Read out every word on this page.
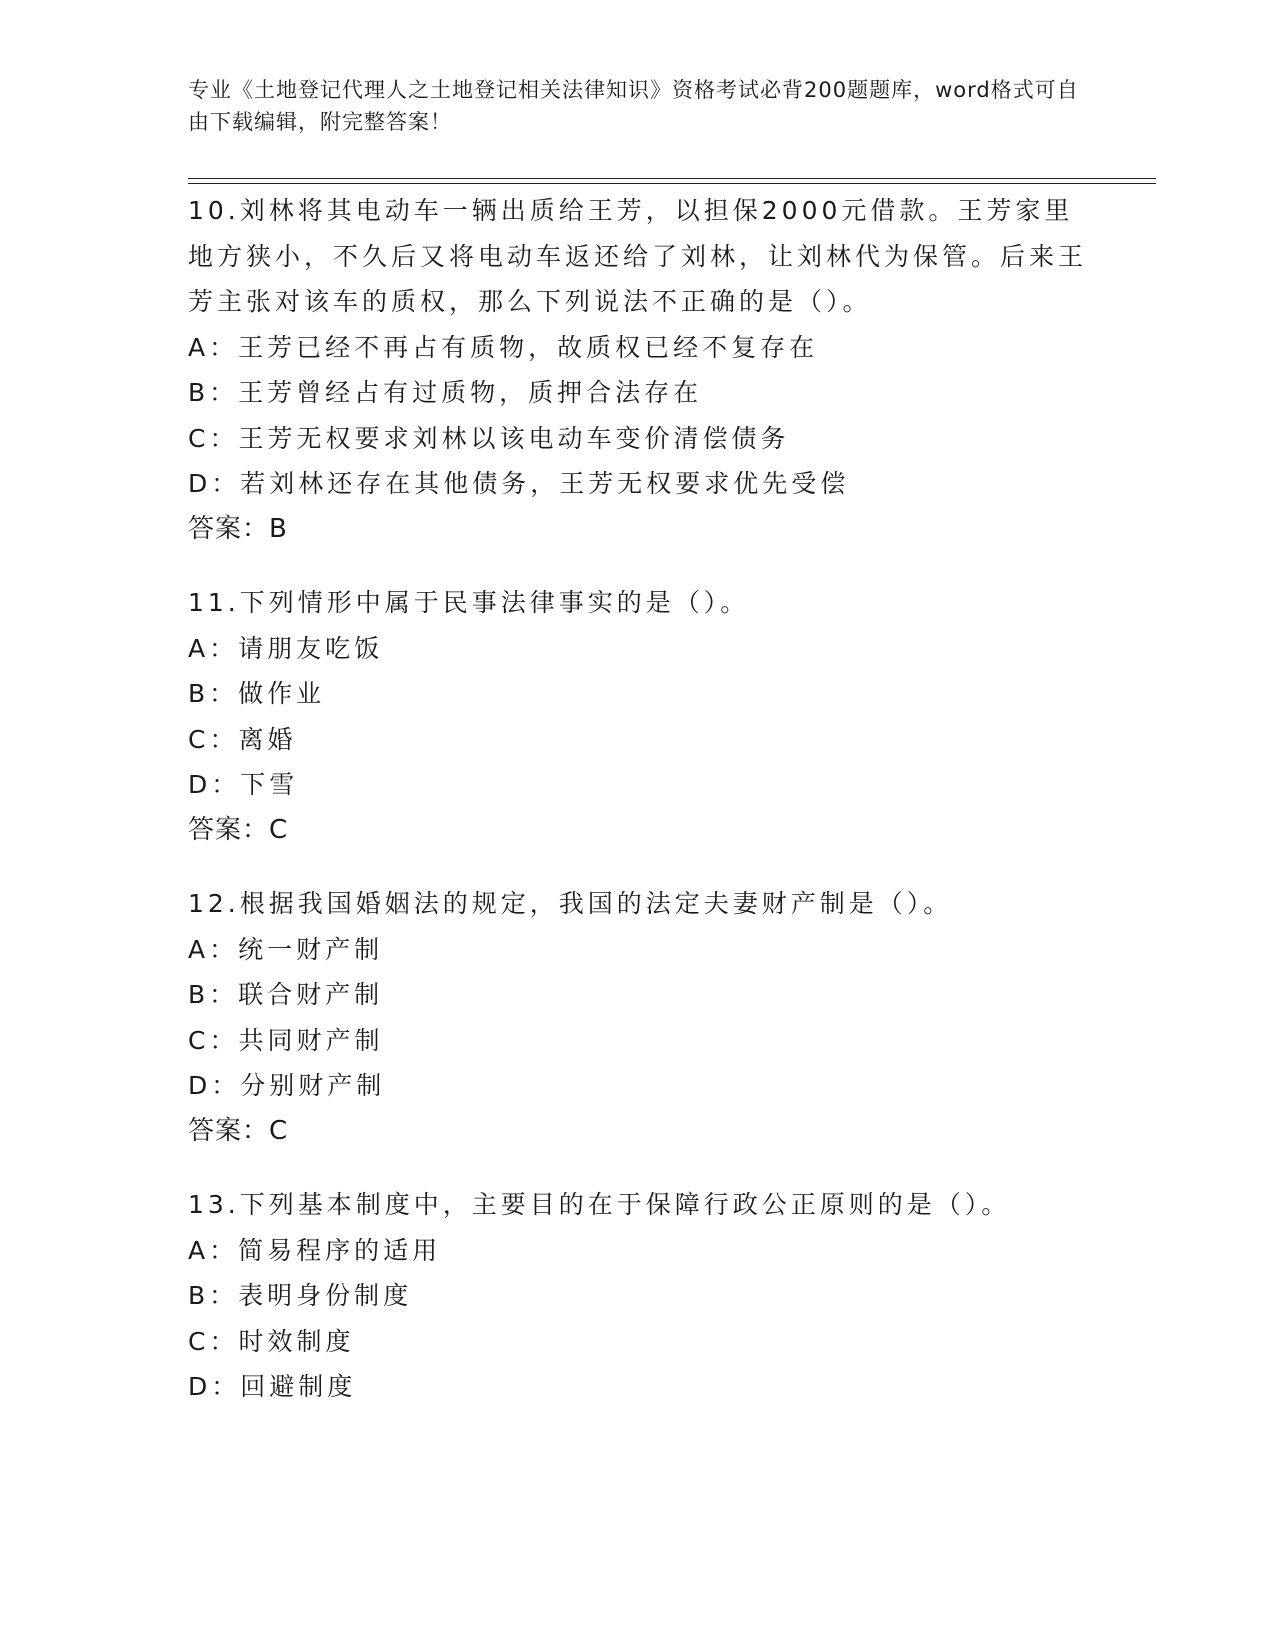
专业《土地登记代理人之土地登记相关法律知识》资格考试必背200题题库，word格式可自由下载编辑，附完整答案！

10.刘林将其电动车一辆出质给王芳，以担保2000元借款。王芳家里地方狭小，不久后又将电动车返还给了刘林，让刘林代为保管。后来王芳主张对该车的质权，那么下列说法不正确的是（）。

A：王芳已经不再占有质物，故质权已经不复存在

B：王芳曾经占有过质物，质押合法存在

C：王芳无权要求刘林以该电动车变价清偿债务

D：若刘林还存在其他债务，王芳无权要求优先受偿

答案：B

11.下列情形中属于民事法律事实的是（）。

A：请朋友吃饭

B：做作业

C：离婚

D：下雪

答案：C

12.根据我国婚姻法的规定，我国的法定夫妻财产制是（）。

A：统一财产制

B：联合财产制

C：共同财产制

D：分别财产制

答案：C

13.下列基本制度中，主要目的在于保障行政公正原则的是（）。

A：简易程序的适用

B：表明身份制度

C：时效制度

D：回避制度
